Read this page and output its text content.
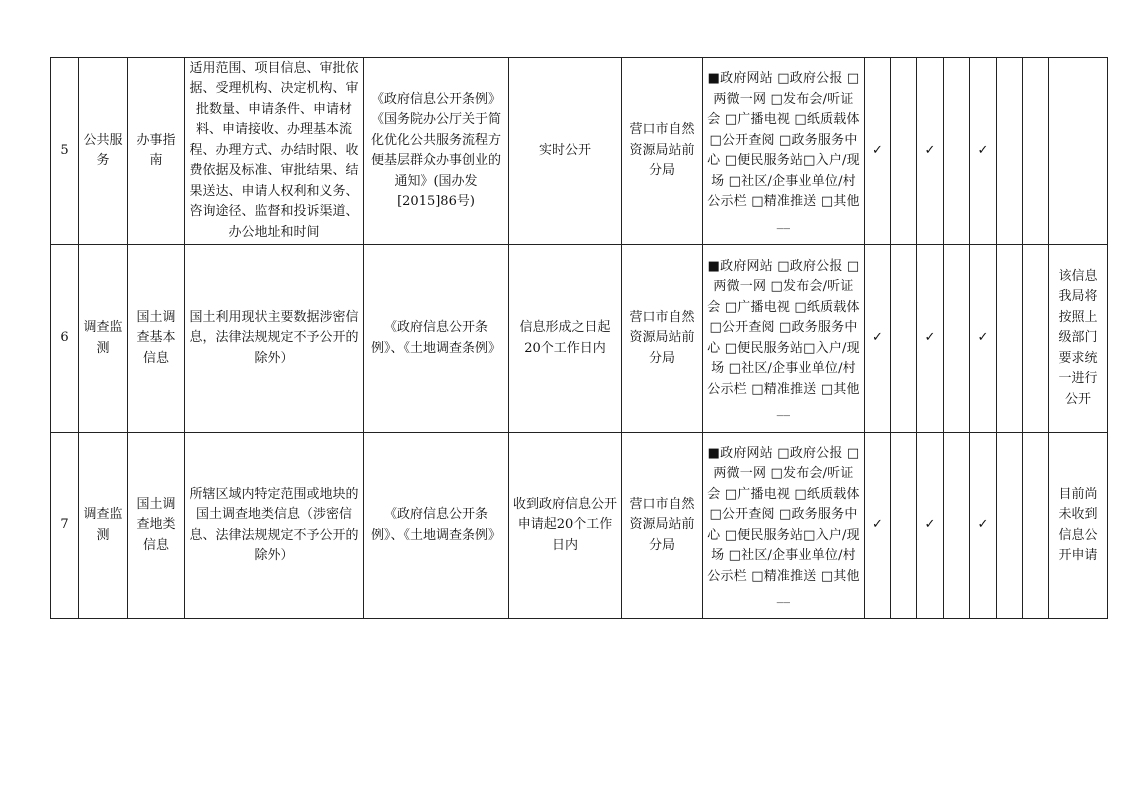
5	公共服务	办事指南	适用范围、项目信息、审批依据、受理机构、决定机构、审批数量、申请条件、申请材料、申请接收、办理基本流程、办理方式、办结时限、收费依据及标准、审批结果、结果送达、申请人权利和义务、咨询途径、监督和投诉渠道、办公地址和时间	《政府信息公开条例》《国务院办公厅关于简化优化公共服务流程方便基层群众办事创业的通知》(国办发[2015]86号)	实时公开	营口市自然资源局站前分局	■政府网站 □政府公报 □两微一网 □发布会/听证会 □广播电视 □纸质载体 □公开查阅 □政务服务中心 □便民服务站□入户/现场 □社区/企事业单位/村公示栏 □精准推送 □其他__	✓		✓		✓			
6	调查监测	国土调查基本信息	国土利用现状主要数据涉密信息，法律法规规定不予公开的除外）	《政府信息公开条例》、《土地调查条例》	信息形成之日起20个工作日内	营口市自然资源局站前分局	■政府网站 □政府公报 □两微一网 □发布会/听证会 □广播电视 □纸质载体 □公开查阅 □政务服务中心 □便民服务站□入户/现场 □社区/企事业单位/村公示栏 □精准推送 □其他__	✓		✓		✓			该信息我局将按照上级部门要求统一进行公开
7	调查监测	国土调查地类信息	所辖区域内特定范围或地块的国土调查地类信息（涉密信息、法律法规规定不予公开的除外）	《政府信息公开条例》、《土地调查条例》	收到政府信息公开申请起20个工作日内	营口市自然资源局站前分局	■政府网站 □政府公报 □两微一网 □发布会/听证会 □广播电视 □纸质载体 □公开查阅 □政务服务中心 □便民服务站□入户/现场 □社区/企事业单位/村公示栏 □精准推送 □其他__	✓		✓		✓			目前尚未收到信息公开申请
